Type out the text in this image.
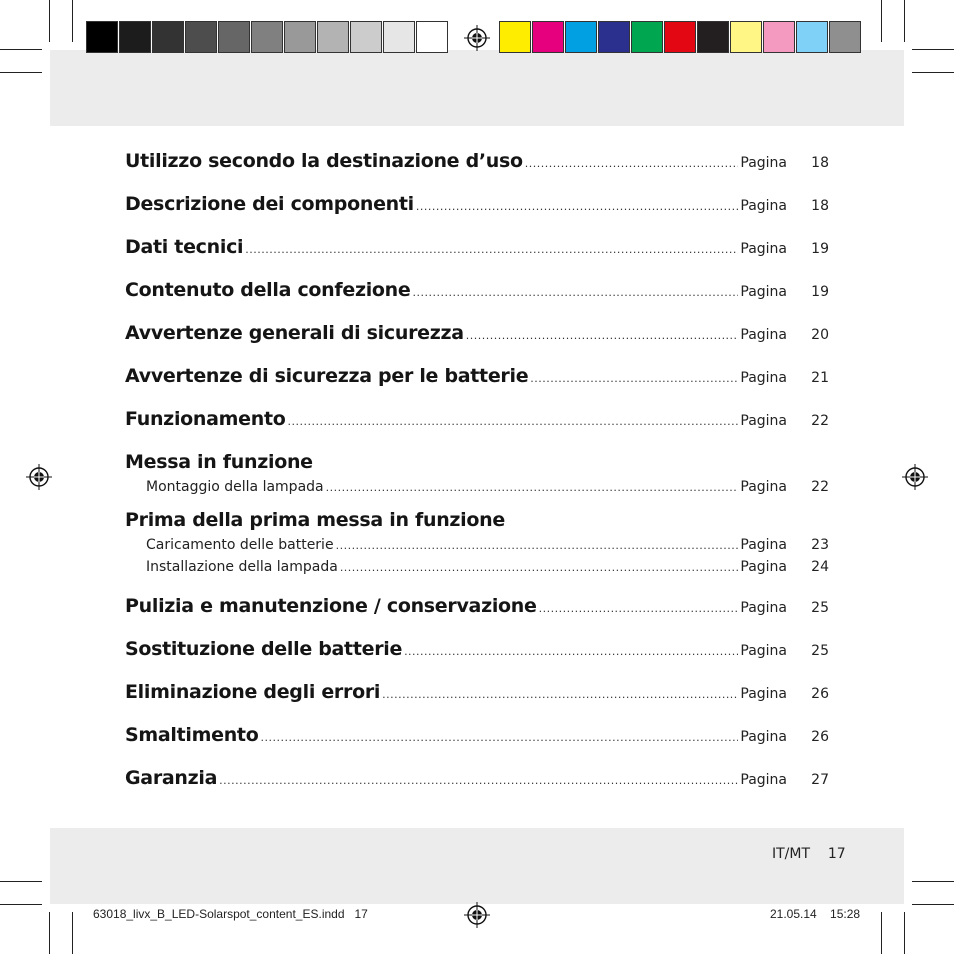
Utilizzo secondo la destinazione d’uso .....	Pagina 18
Descrizione dei componenti .....	Pagina 18
Dati tecnici .....	Pagina 19
Contenuto della confezione .....	Pagina 19
Avvertenze generali di sicurezza .....	Pagina 20
Avvertenze di sicurezza per le batterie .....	Pagina 21
Funzionamento .....	Pagina 22
Messa in funzione
Montaggio della lampada .....	Pagina 22
Prima della prima messa in funzione
Caricamento delle batterie .....	Pagina 23
Installazione della lampada .....	Pagina 24
Pulizia e manutenzione / conservazione .....	Pagina 25
Sostituzione delle batterie .....	Pagina 25
Eliminazione degli errori .....	Pagina 26
Smaltimento .....	Pagina 26
Garanzia .....	Pagina 27
IT/MT    17
63018_livx_B_LED-Solarspot_content_ES.indd   17	21.05.14    15:28
